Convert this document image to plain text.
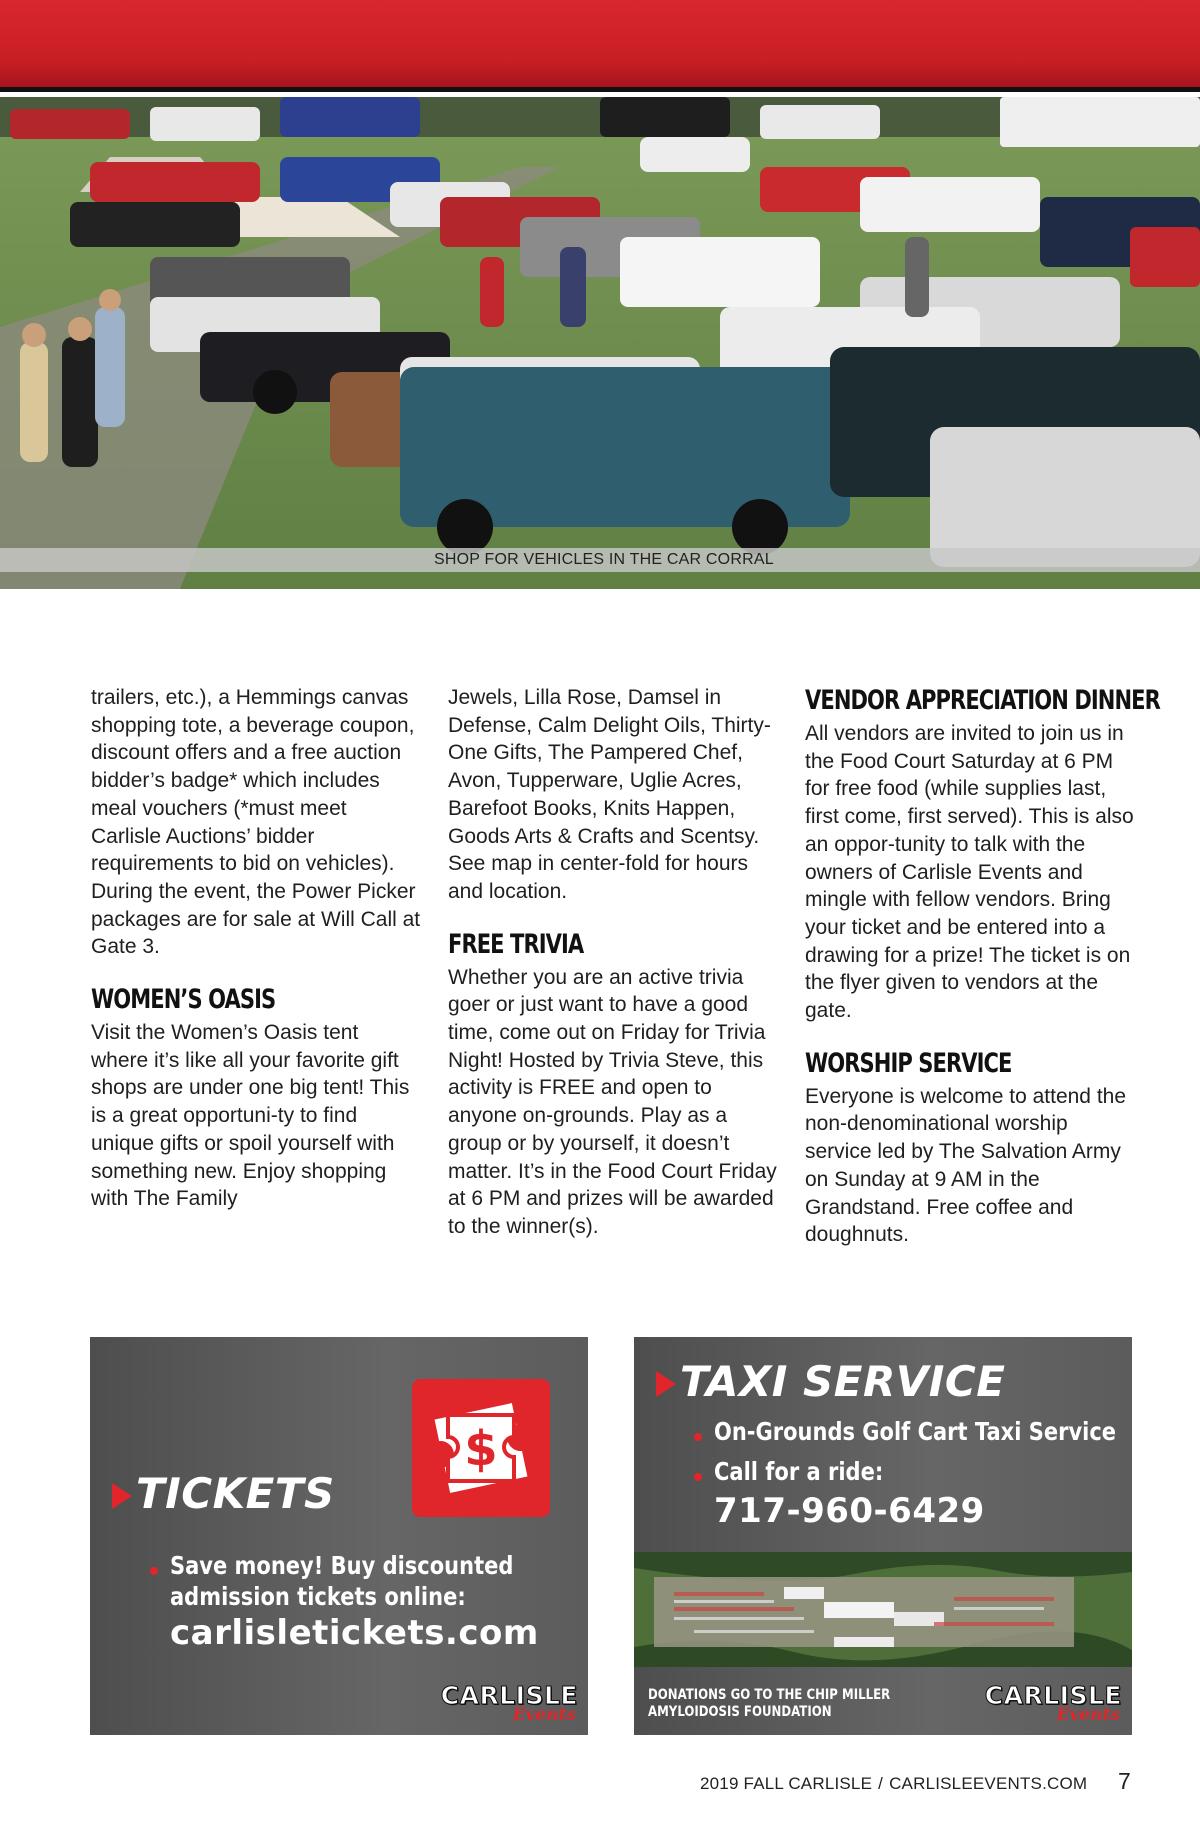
SHOP FOR VEHICLES IN THE CAR CORRAL

trailers, etc.), a Hemmings canvas shopping tote, a beverage coupon, discount offers and a free auction bidder’s badge* which includes meal vouchers (*must meet Carlisle Auctions’ bidder requirements to bid on vehicles). During the event, the Power Picker packages are for sale at Will Call at Gate 3.

WOMEN’S OASIS

Visit the Women’s Oasis tent where it’s like all your favorite gift shops are under one big tent! This is a great opportuni-ty to find unique gifts or spoil yourself with something new. Enjoy shopping with The Family

Jewels, Lilla Rose, Damsel in Defense, Calm Delight Oils, Thirty-One Gifts, The Pampered Chef, Avon, Tupperware, Uglie Acres, Barefoot Books, Knits Happen, Goods Arts & Crafts and Scentsy. See map in center-fold for hours and location.

FREE TRIVIA

Whether you are an active trivia goer or just want to have a good time, come out on Friday for Trivia Night! Hosted by Trivia Steve, this activity is FREE and open to anyone on-grounds. Play as a group or by yourself, it doesn’t matter. It’s in the Food Court Friday at 6 PM and prizes will be awarded to the winner(s).

VENDOR APPRECIATION DINNER

All vendors are invited to join us in the Food Court Saturday at 6 PM for free food (while supplies last, first come, first served). This is also an oppor-tunity to talk with the owners of Carlisle Events and mingle with fellow vendors. Bring your ticket and be entered into a drawing for a prize! The ticket is on the flyer given to vendors at the gate.

WORSHIP SERVICE

Everyone is welcome to attend the non-denominational worship service led by The Salvation Army on Sunday at 9 AM in the Grandstand. Free coffee and doughnuts.

$
TICKETS
Save money! Buy discounted
admission tickets online:
carlisletickets.com
CARLISLE
Events
TAXI SERVICE
On-Grounds Golf Cart Taxi Service
Call for a ride:
717-960-6429
DONATIONS GO TO THE CHIP MILLER
AMYLOIDOSIS FOUNDATION
CARLISLE
Events
2019 FALL CARLISLE / CARLISLEEVENTS.COM 7
